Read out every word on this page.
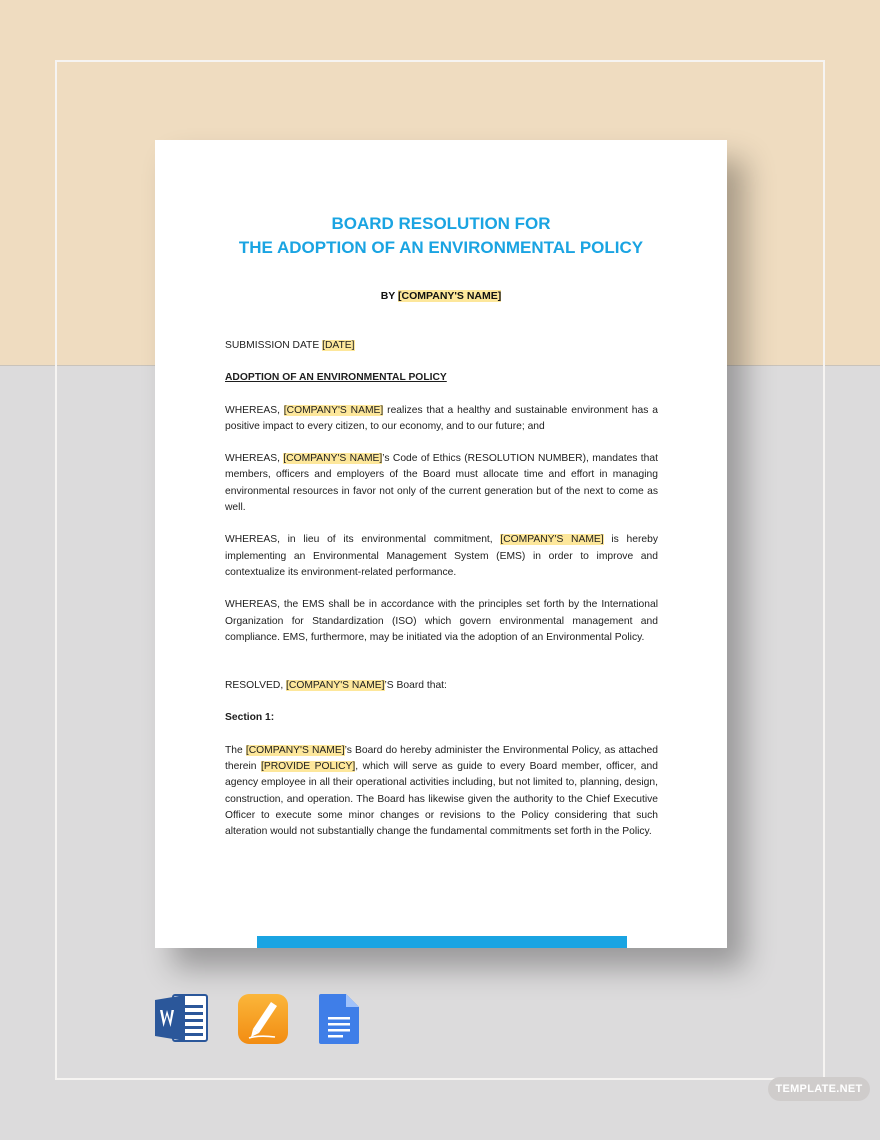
BOARD RESOLUTION FOR
THE ADOPTION OF AN ENVIRONMENTAL POLICY
BY [COMPANY'S NAME]

SUBMISSION DATE [DATE]

ADOPTION OF AN ENVIRONMENTAL POLICY

WHEREAS, [COMPANY'S NAME] realizes that a healthy and sustainable environment has a positive impact to every citizen, to our economy, and to our future; and

WHEREAS, [COMPANY'S NAME]’s Code of Ethics (RESOLUTION NUMBER), mandates that members, officers and employers of the Board must allocate time and effort in managing environmental resources in favor not only of the current generation but of the next to come as well.

WHEREAS, in lieu of its environmental commitment, [COMPANY'S NAME] is hereby implementing an Environmental Management System (EMS) in order to improve and contextualize its environment-related performance.

WHEREAS, the EMS shall be in accordance with the principles set forth by the International Organization for Standardization (ISO) which govern environmental management and compliance. EMS, furthermore, may be initiated via the adoption of an Environmental Policy.

RESOLVED, [COMPANY'S NAME]’S Board that:

Section 1:

The [COMPANY'S NAME]’s Board do hereby administer the Environmental Policy, as attached therein [PROVIDE POLICY], which will serve as guide to every Board member, officer, and agency employee in all their operational activities including, but not limited to, planning, design, construction, and operation. The Board has likewise given the authority to the Chief Executive Officer to execute some minor changes or revisions to the Policy considering that such alteration would not substantially change the fundamental commitments set forth in the Policy.

TEMPLATE.NET
